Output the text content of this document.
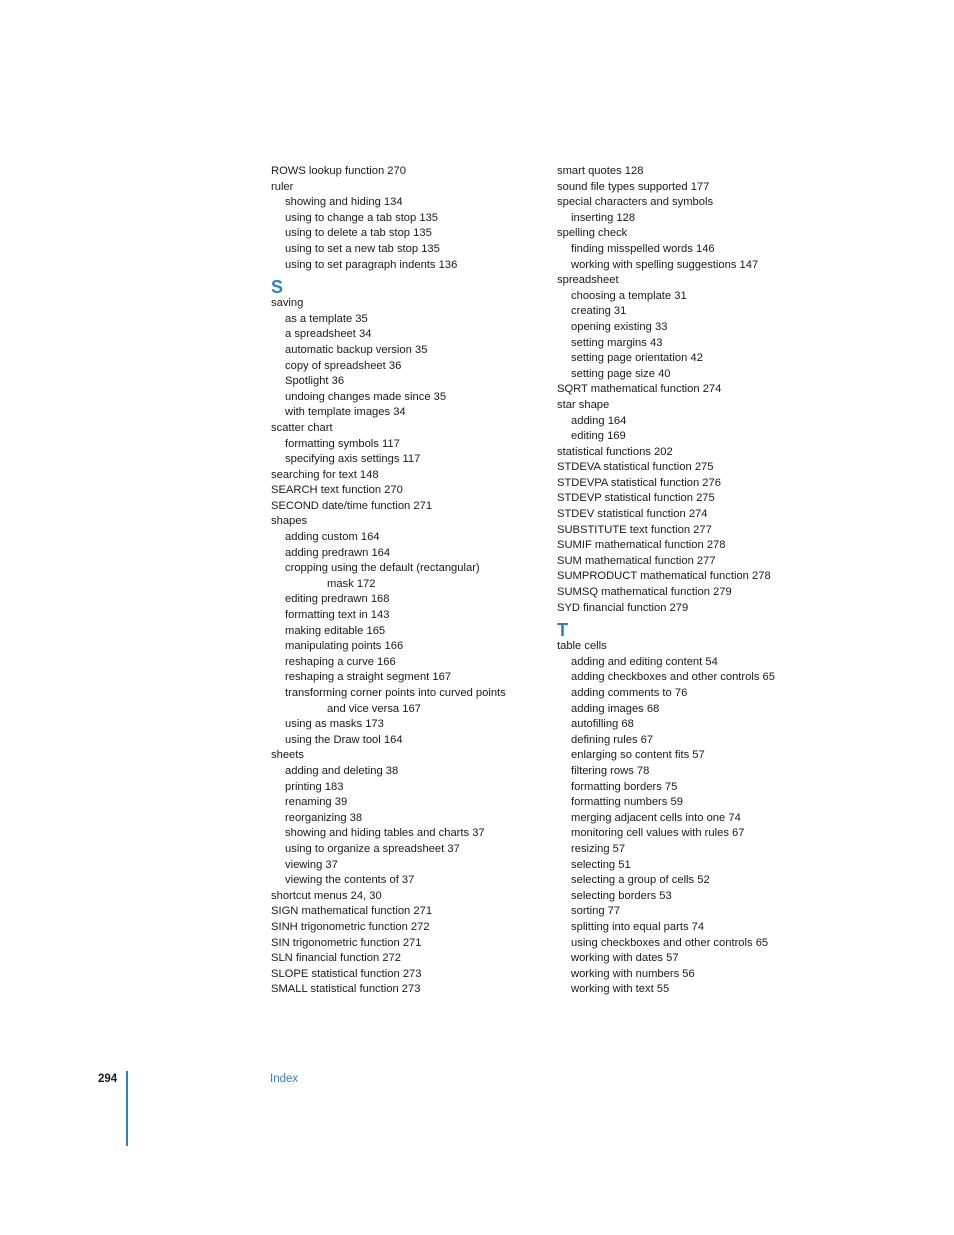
ROWS lookup function 270
ruler
showing and hiding 134
using to change a tab stop 135
using to delete a tab stop 135
using to set a new tab stop 135
using to set paragraph indents 136
S
saving
as a template 35
a spreadsheet 34
automatic backup version 35
copy of spreadsheet 36
Spotlight 36
undoing changes made since 35
with template images 34
scatter chart
formatting symbols 117
specifying axis settings 117
searching for text 148
SEARCH text function 270
SECOND date/time function 271
shapes
adding custom 164
adding predrawn 164
cropping using the default (rectangular)
mask 172
editing predrawn 168
formatting text in 143
making editable 165
manipulating points 166
reshaping a curve 166
reshaping a straight segment 167
transforming corner points into curved points
and vice versa 167
using as masks 173
using the Draw tool 164
sheets
adding and deleting 38
printing 183
renaming 39
reorganizing 38
showing and hiding tables and charts 37
using to organize a spreadsheet 37
viewing 37
viewing the contents of 37
shortcut menus 24, 30
SIGN mathematical function 271
SINH trigonometric function 272
SIN trigonometric function 271
SLN financial function 272
SLOPE statistical function 273
SMALL statistical function 273
smart quotes 128
sound file types supported 177
special characters and symbols
inserting 128
spelling check
finding misspelled words 146
working with spelling suggestions 147
spreadsheet
choosing a template 31
creating 31
opening existing 33
setting margins 43
setting page orientation 42
setting page size 40
SQRT mathematical function 274
star shape
adding 164
editing 169
statistical functions 202
STDEVA statistical function 275
STDEVPA statistical function 276
STDEVP statistical function 275
STDEV statistical function 274
SUBSTITUTE text function 277
SUMIF mathematical function 278
SUM mathematical function 277
SUMPRODUCT mathematical function 278
SUMSQ mathematical function 279
SYD financial function 279
T
table cells
adding and editing content 54
adding checkboxes and other controls 65
adding comments to 76
adding images 68
autofilling 68
defining rules 67
enlarging so content fits 57
filtering rows 78
formatting borders 75
formatting numbers 59
merging adjacent cells into one 74
monitoring cell values with rules 67
resizing 57
selecting 51
selecting a group of cells 52
selecting borders 53
sorting 77
splitting into equal parts 74
using checkboxes and other controls 65
working with dates 57
working with numbers 56
working with text 55
294	Index
